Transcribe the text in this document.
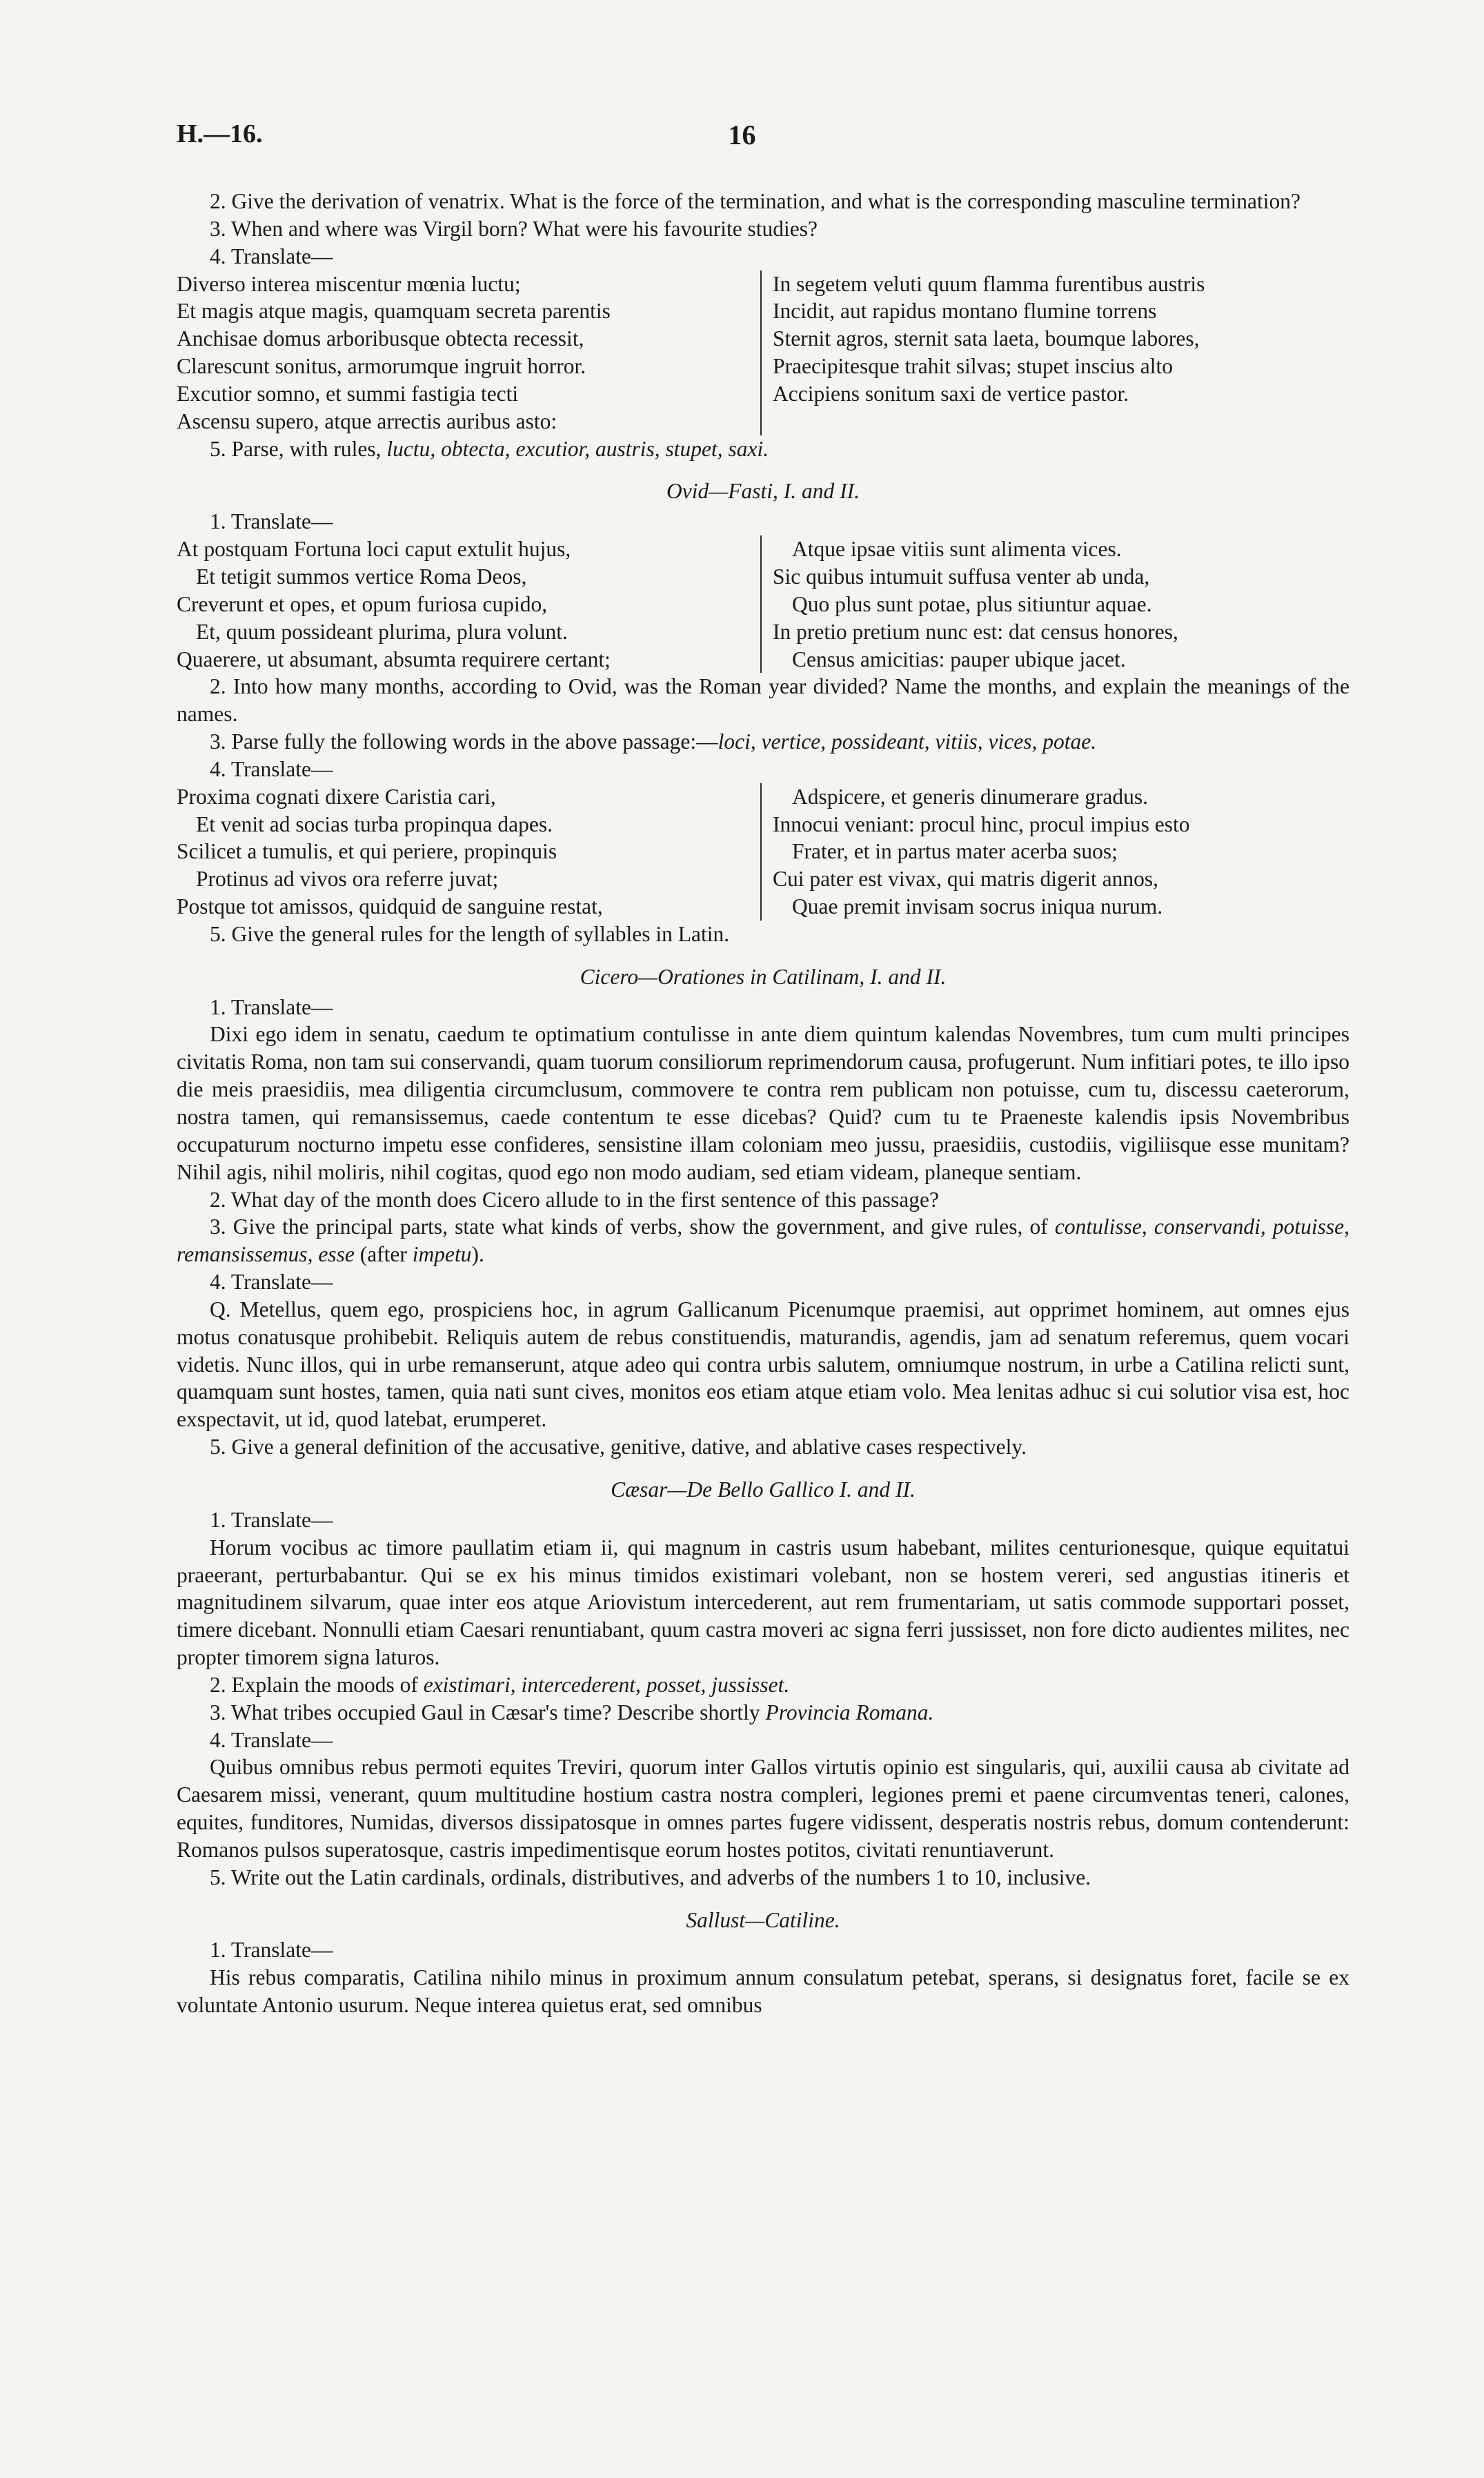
H.—16.	16

2. Give the derivation of venatrix. What is the force of the termination, and what is the corresponding masculine termination?

3. When and where was Virgil born? What were his favourite studies?

4. Translate—

Diverso interea miscentur mœnia luctu;
Et magis atque magis, quamquam secreta parentis
Anchisae domus arboribusque obtecta recessit,
Clarescunt sonitus, armorumque ingruit horror.
Excutior somno, et summi fastigia tecti
Ascensu supero, atque arrectis auribus asto:
In segetem veluti quum flamma furentibus austris
Incidit, aut rapidus montano flumine torrens
Sternit agros, sternit sata laeta, boumque labores,
Praecipitesque trahit silvas; stupet inscius alto
Accipiens sonitum saxi de vertice pastor.

5. Parse, with rules, luctu, obtecta, excutior, austris, stupet, saxi.

Ovid—Fasti, I. and II.

1. Translate—

At postquam Fortuna loci caput extulit hujus,
Et tetigit summos vertice Roma Deos,
Creverunt et opes, et opum furiosa cupido,
Et, quum possideant plurima, plura volunt.
Quaerere, ut absumant, absumta requirere certant;
Atque ipsae vitiis sunt alimenta vices.
Sic quibus intumuit suffusa venter ab unda,
Quo plus sunt potae, plus sitiuntur aquae.
In pretio pretium nunc est: dat census honores,
Census amicitias: pauper ubique jacet.

2. Into how many months, according to Ovid, was the Roman year divided? Name the months, and explain the meanings of the names.

3. Parse fully the following words in the above passage:—loci, vertice, possideant, vitiis, vices, potae.

4. Translate—

Proxima cognati dixere Caristia cari,
Et venit ad socias turba propinqua dapes.
Scilicet a tumulis, et qui periere, propinquis
Protinus ad vivos ora referre juvat;
Postque tot amissos, quidquid de sanguine restat,
Adspicere, et generis dinumerare gradus.
Innocui veniant: procul hinc, procul impius esto
Frater, et in partus mater acerba suos;
Cui pater est vivax, qui matris digerit annos,
Quae premit invisam socrus iniqua nurum.

5. Give the general rules for the length of syllables in Latin.

Cicero—Orationes in Catilinam, I. and II.

1. Translate—

Dixi ego idem in senatu, caedum te optimatium contulisse in ante diem quintum kalendas Novembres, tum cum multi principes civitatis Roma, non tam sui conservandi, quam tuorum consiliorum reprimendorum causa, profugerunt. Num infitiari potes, te illo ipso die meis praesidiis, mea diligentia circumclusum, commovere te contra rem publicam non potuisse, cum tu, discessu caeterorum, nostra tamen, qui remansissemus, caede contentum te esse dicebas? Quid? cum tu te Praeneste kalendis ipsis Novembribus occupaturum nocturno impetu esse confideres, sensistine illam coloniam meo jussu, praesidiis, custodiis, vigiliisque esse munitam? Nihil agis, nihil moliris, nihil cogitas, quod ego non modo audiam, sed etiam videam, planeque sentiam.

2. What day of the month does Cicero allude to in the first sentence of this passage?

3. Give the principal parts, state what kinds of verbs, show the government, and give rules, of contulisse, conservandi, potuisse, remansissemus, esse (after impetu).

4. Translate—

Q. Metellus, quem ego, prospiciens hoc, in agrum Gallicanum Picenumque praemisi, aut opprimet hominem, aut omnes ejus motus conatusque prohibebit. Reliquis autem de rebus constituendis, maturandis, agendis, jam ad senatum referemus, quem vocari videtis. Nunc illos, qui in urbe remanserunt, atque adeo qui contra urbis salutem, omniumque nostrum, in urbe a Catilina relicti sunt, quamquam sunt hostes, tamen, quia nati sunt cives, monitos eos etiam atque etiam volo. Mea lenitas adhuc si cui solutior visa est, hoc exspectavit, ut id, quod latebat, erumperet.

5. Give a general definition of the accusative, genitive, dative, and ablative cases respectively.

Cæsar—De Bello Gallico I. and II.

1. Translate—

Horum vocibus ac timore paullatim etiam ii, qui magnum in castris usum habebant, milites centurionesque, quique equitatui praeerant, perturbabantur. Qui se ex his minus timidos existimari volebant, non se hostem vereri, sed angustias itineris et magnitudinem silvarum, quae inter eos atque Ariovistum intercederent, aut rem frumentariam, ut satis commode supportari posset, timere dicebant. Nonnulli etiam Caesari renuntiabant, quum castra moveri ac signa ferri jussisset, non fore dicto audientes milites, nec propter timorem signa laturos.

2. Explain the moods of existimari, intercederent, posset, jussisset.

3. What tribes occupied Gaul in Cæsar's time? Describe shortly Provincia Romana.

4. Translate—

Quibus omnibus rebus permoti equites Treviri, quorum inter Gallos virtutis opinio est singularis, qui, auxilii causa ab civitate ad Caesarem missi, venerant, quum multitudine hostium castra nostra compleri, legiones premi et paene circumventas teneri, calones, equites, funditores, Numidas, diversos dissipatosque in omnes partes fugere vidissent, desperatis nostris rebus, domum contenderunt: Romanos pulsos superatosque, castris impedimentisque eorum hostes potitos, civitati renuntiaverunt.

5. Write out the Latin cardinals, ordinals, distributives, and adverbs of the numbers 1 to 10, inclusive.

Sallust—Catiline.

1. Translate—

His rebus comparatis, Catilina nihilo minus in proximum annum consulatum petebat, sperans, si designatus foret, facile se ex voluntate Antonio usurum. Neque interea quietus erat, sed omnibus
